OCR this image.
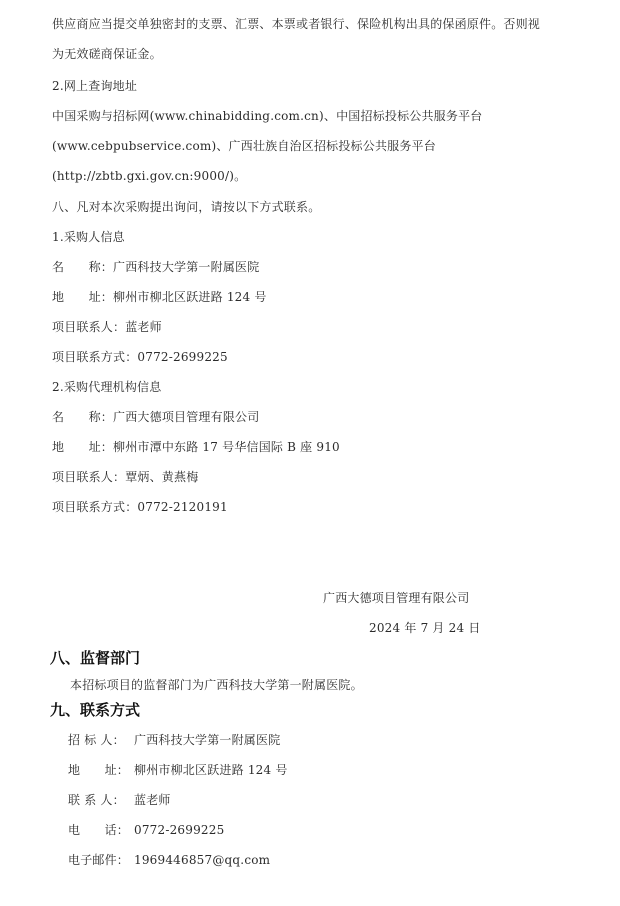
供应商应当提交单独密封的支票、汇票、本票或者银行、保险机构出具的保函原件。否则视
为无效磋商保证金。
2.网上查询地址
中国采购与招标网(www.chinabidding.com.cn)、中国招标投标公共服务平台
(www.cebpubservice.com)、广西壮族自治区招标投标公共服务平台
(http://zbtb.gxi.gov.cn:9000/)。
八、凡对本次采购提出询问，请按以下方式联系。
1.采购人信息
名　　称：广西科技大学第一附属医院
地　　址：柳州市柳北区跃进路 124 号
项目联系人：蓝老师
项目联系方式：0772-2699225
2.采购代理机构信息
名　　称：广西大德项目管理有限公司
地　　址：柳州市潭中东路 17 号华信国际 B 座 910
项目联系人：覃炳、黄燕梅
项目联系方式：0772-2120191
广西大德项目管理有限公司
2024 年 7 月 24 日
八、监督部门
本招标项目的监督部门为广西科技大学第一附属医院。
九、联系方式
招 标 人： 广西科技大学第一附属医院
地　　址： 柳州市柳北区跃进路 124 号
联 系 人： 蓝老师
电　　话： 0772-2699225
电子邮件： 1969446857@qq.com
